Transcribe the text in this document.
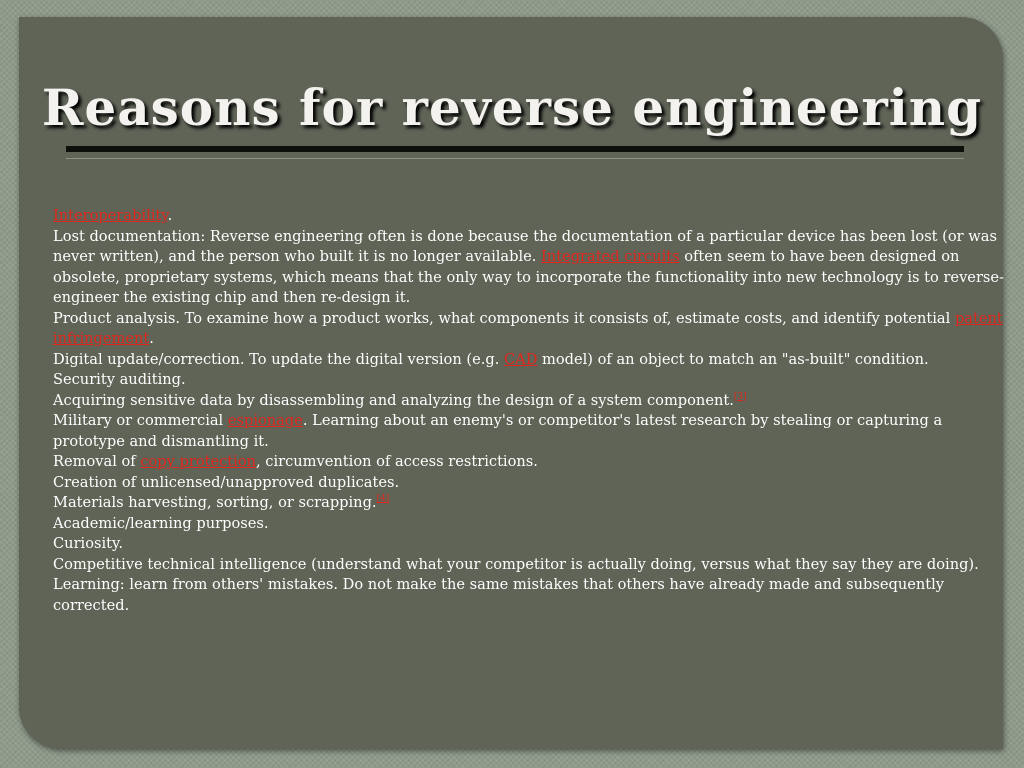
Reasons for reverse engineering

Interoperability.

Lost documentation: Reverse engineering often is done because the documentation of a particular device has been lost (or was never written), and the person who built it is no longer available. Integrated circuits often seem to have been designed on obsolete, proprietary systems, which means that the only way to incorporate the functionality into new technology is to reverse-engineer the existing chip and then re-design it.

Product analysis. To examine how a product works, what components it consists of, estimate costs, and identify potential patent infringement.

Digital update/correction. To update the digital version (e.g. CAD model) of an object to match an "as-built" condition.

Security auditing.

Acquiring sensitive data by disassembling and analyzing the design of a system component.[3]

Military or commercial espionage. Learning about an enemy's or competitor's latest research by stealing or capturing a prototype and dismantling it.

Removal of copy protection, circumvention of access restrictions.

Creation of unlicensed/unapproved duplicates.

Materials harvesting, sorting, or scrapping.[4]

Academic/learning purposes.

Curiosity.

Competitive technical intelligence (understand what your competitor is actually doing, versus what they say they are doing).

Learning: learn from others' mistakes. Do not make the same mistakes that others have already made and subsequently corrected.
